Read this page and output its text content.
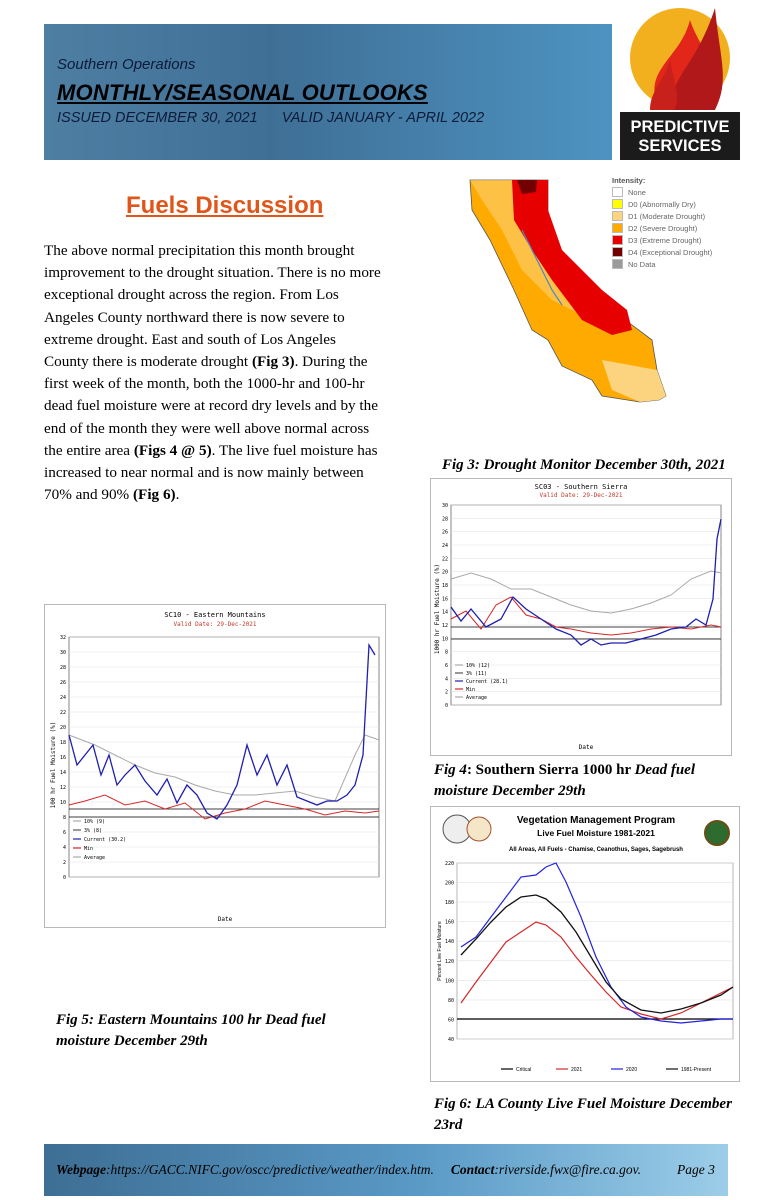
Southern Operations
MONTHLY/SEASONAL OUTLOOKS
ISSUED DECEMBER 30, 2021 VALID JANUARY - APRIL 2022	PREDICTIVE
SERVICES
Fuels Discussion
The above normal precipitation this month brought improvement to the drought situation. There is no more exceptional drought across the region. From Los Angeles County northward there is now severe to extreme drought. East and south of Los Angeles County there is moderate drought (Fig 3). During the first week of the month, both the 1000-hr and 100-hr dead fuel moisture were at record dry levels and by the end of the month they were well above normal across the entire area (Figs 4 @ 5). The live fuel moisture has increased to near normal and is now mainly between 70% and 90% (Fig 6).
Intensity:
None
D0 (Abnormally Dry)
D1 (Moderate Drought)
D2 (Severe Drought)
D3 (Extreme Drought)
D4 (Exceptional Drought)
No Data
Fig 3: Drought Monitor December 30th, 2021
SC03 - Southern Sierra
Valid Date: 29-Dec-2021
0
2
4
6
8
10
12
14
16
18
20
22
24
26
28
30
1000 hr Fuel Moisture (%)
Date
10% (12)
3% (11)
Current (28.1)
Min
Average
Fig 4: Southern Sierra 1000 hr Dead fuel
moisture December 29th
SC10 - Eastern Mountains
Valid Date: 29-Dec-2021
0
2
4
6
8
10
12
14
16
18
20
22
24
26
28
30
32
100 hr Fuel Moisture (%)
Date
10% (9)
3% (8)
Current (30.2)
Min
Average
Fig 5: Eastern Mountains 100 hr Dead fuel
moisture December 29th
Vegetation Management Program
Live Fuel Moisture 1981-2021
All Areas, All Fuels - Chamise, Ceanothus, Sages, Sagebrush
40
60
80
100
120
140
160
180
200
220
Percent Live Fuel Moisture
Critical	2021	2020	1981-Present
Fig 6: LA County Live Fuel Moisture December
23rd
Webpage:https://GACC.NIFC.gov/oscc/predictive/weather/index.htm. Contact:riverside.fwx@fire.ca.gov.	Page 3
